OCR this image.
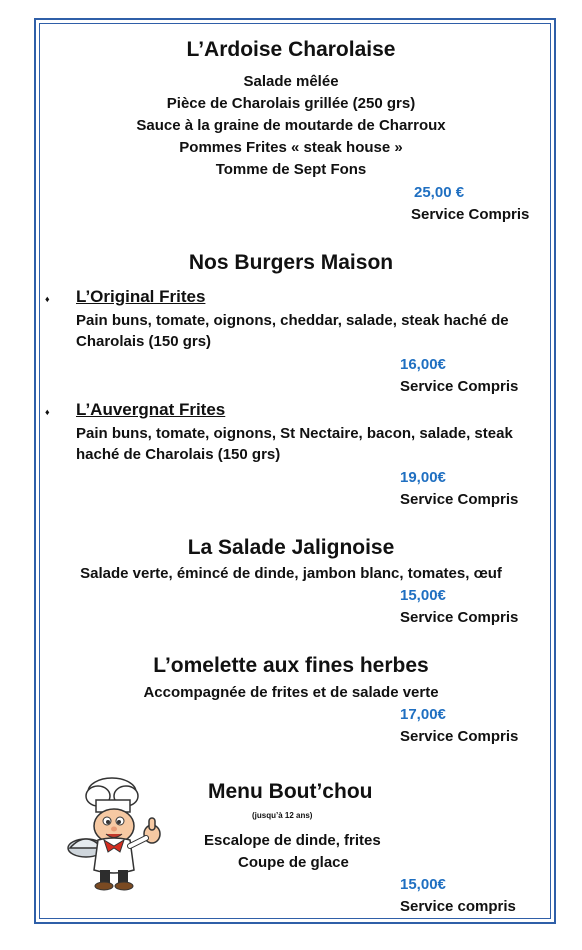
L’Ardoise Charolaise
Salade mêlée
Pièce de Charolais grillée (250 grs)
Sauce à la graine de moutarde de Charroux
Pommes Frites « steak house »
Tomme de Sept Fons
25,00 €
Service Compris
Nos Burgers Maison
♦ L’Original Frites
Pain buns, tomate, oignons, cheddar, salade, steak haché de
Charolais (150 grs)
16,00€
Service Compris
♦ L’Auvergnat Frites
Pain buns, tomate, oignons, St Nectaire, bacon, salade, steak
haché de Charolais (150 grs)
19,00€
Service Compris
La Salade Jalignoise
Salade verte, émincé de dinde, jambon blanc, tomates, œuf
15,00€
Service Compris
L’omelette aux fines herbes
Accompagnée de frites et de salade verte
17,00€
Service Compris
Menu Bout’chou
(jusqu’à 12 ans)
Escalope de dinde, frites
Coupe de glace
15,00€
Service compris
